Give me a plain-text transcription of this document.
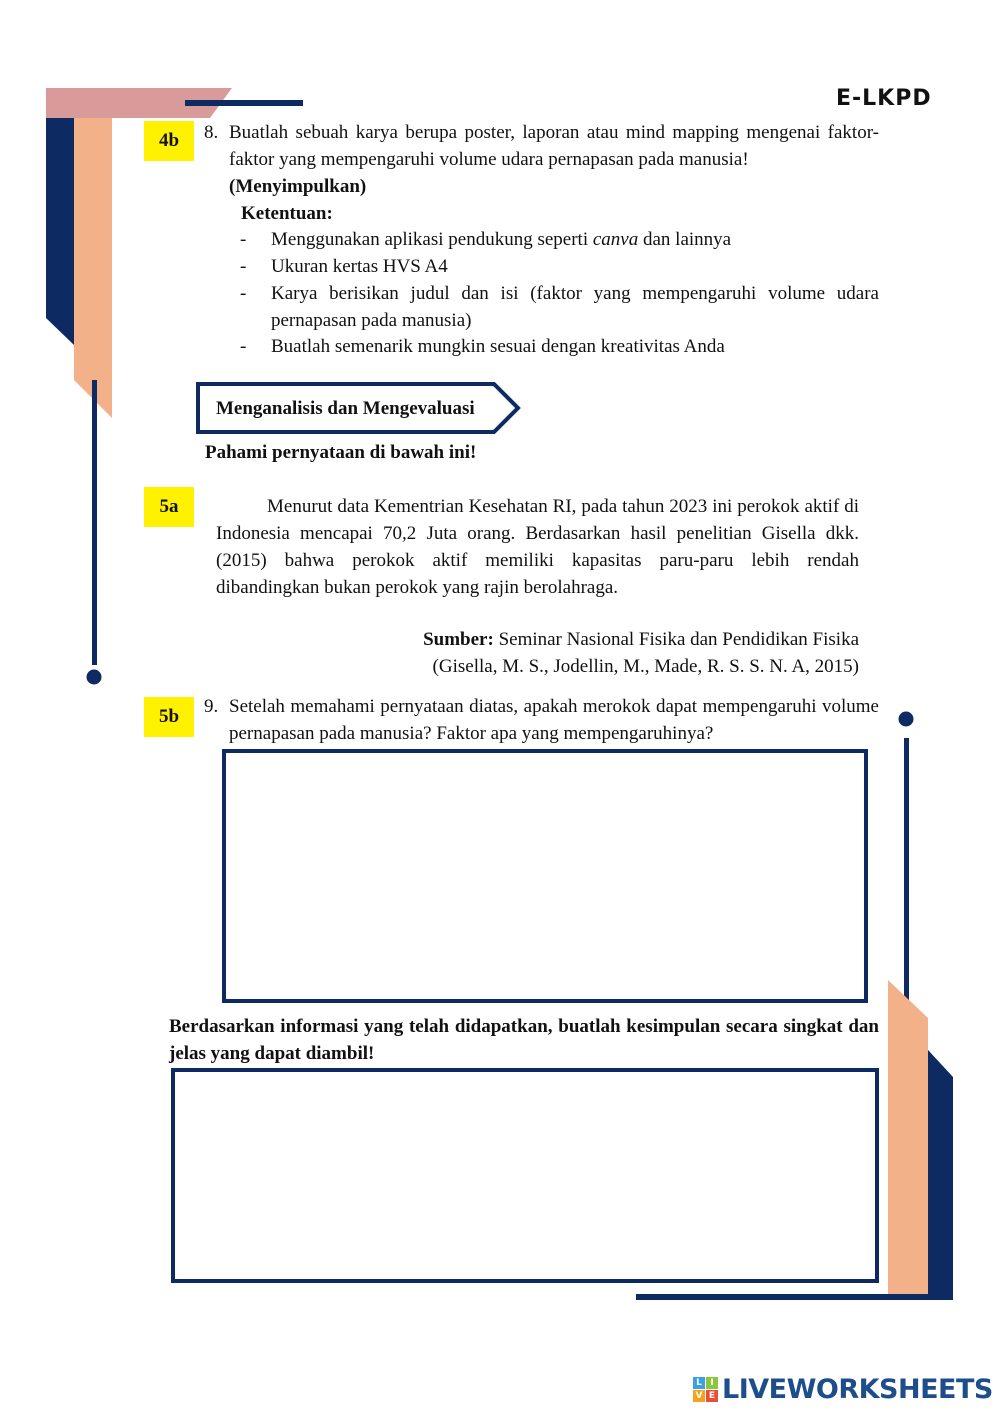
E-LKPD
4b	8. Buatlah sebuah karya berupa poster, laporan atau mind mapping mengenai faktor-faktor yang mempengaruhi volume udara pernapasan pada manusia!
(Menyimpulkan)
Ketentuan:
- Menggunakan aplikasi pendukung seperti canva dan lainnya
- Ukuran kertas HVS A4
- Karya berisikan judul dan isi (faktor yang mempengaruhi volume udara pernapasan pada manusia)
- Buatlah semenarik mungkin sesuai dengan kreativitas Anda
Menganalisis dan Mengevaluasi
Pahami pernyataan di bawah ini!
5a	Menurut data Kementrian Kesehatan RI, pada tahun 2023 ini perokok aktif di Indonesia mencapai 70,2 Juta orang. Berdasarkan hasil penelitian Gisella dkk. (2015) bahwa perokok aktif memiliki kapasitas paru-paru lebih rendah dibandingkan bukan perokok yang rajin berolahraga.
Sumber: Seminar Nasional Fisika dan Pendidikan Fisika
(Gisella, M. S., Jodellin, M., Made, R. S. S. N. A, 2015)
5b	9. Setelah memahami pernyataan diatas, apakah merokok dapat mempengaruhi volume pernapasan pada manusia? Faktor apa yang mempengaruhinya?
Berdasarkan informasi yang telah didapatkan, buatlah kesimpulan secara singkat dan jelas yang dapat diambil!
L I
V E LIVEWORKSHEETS
